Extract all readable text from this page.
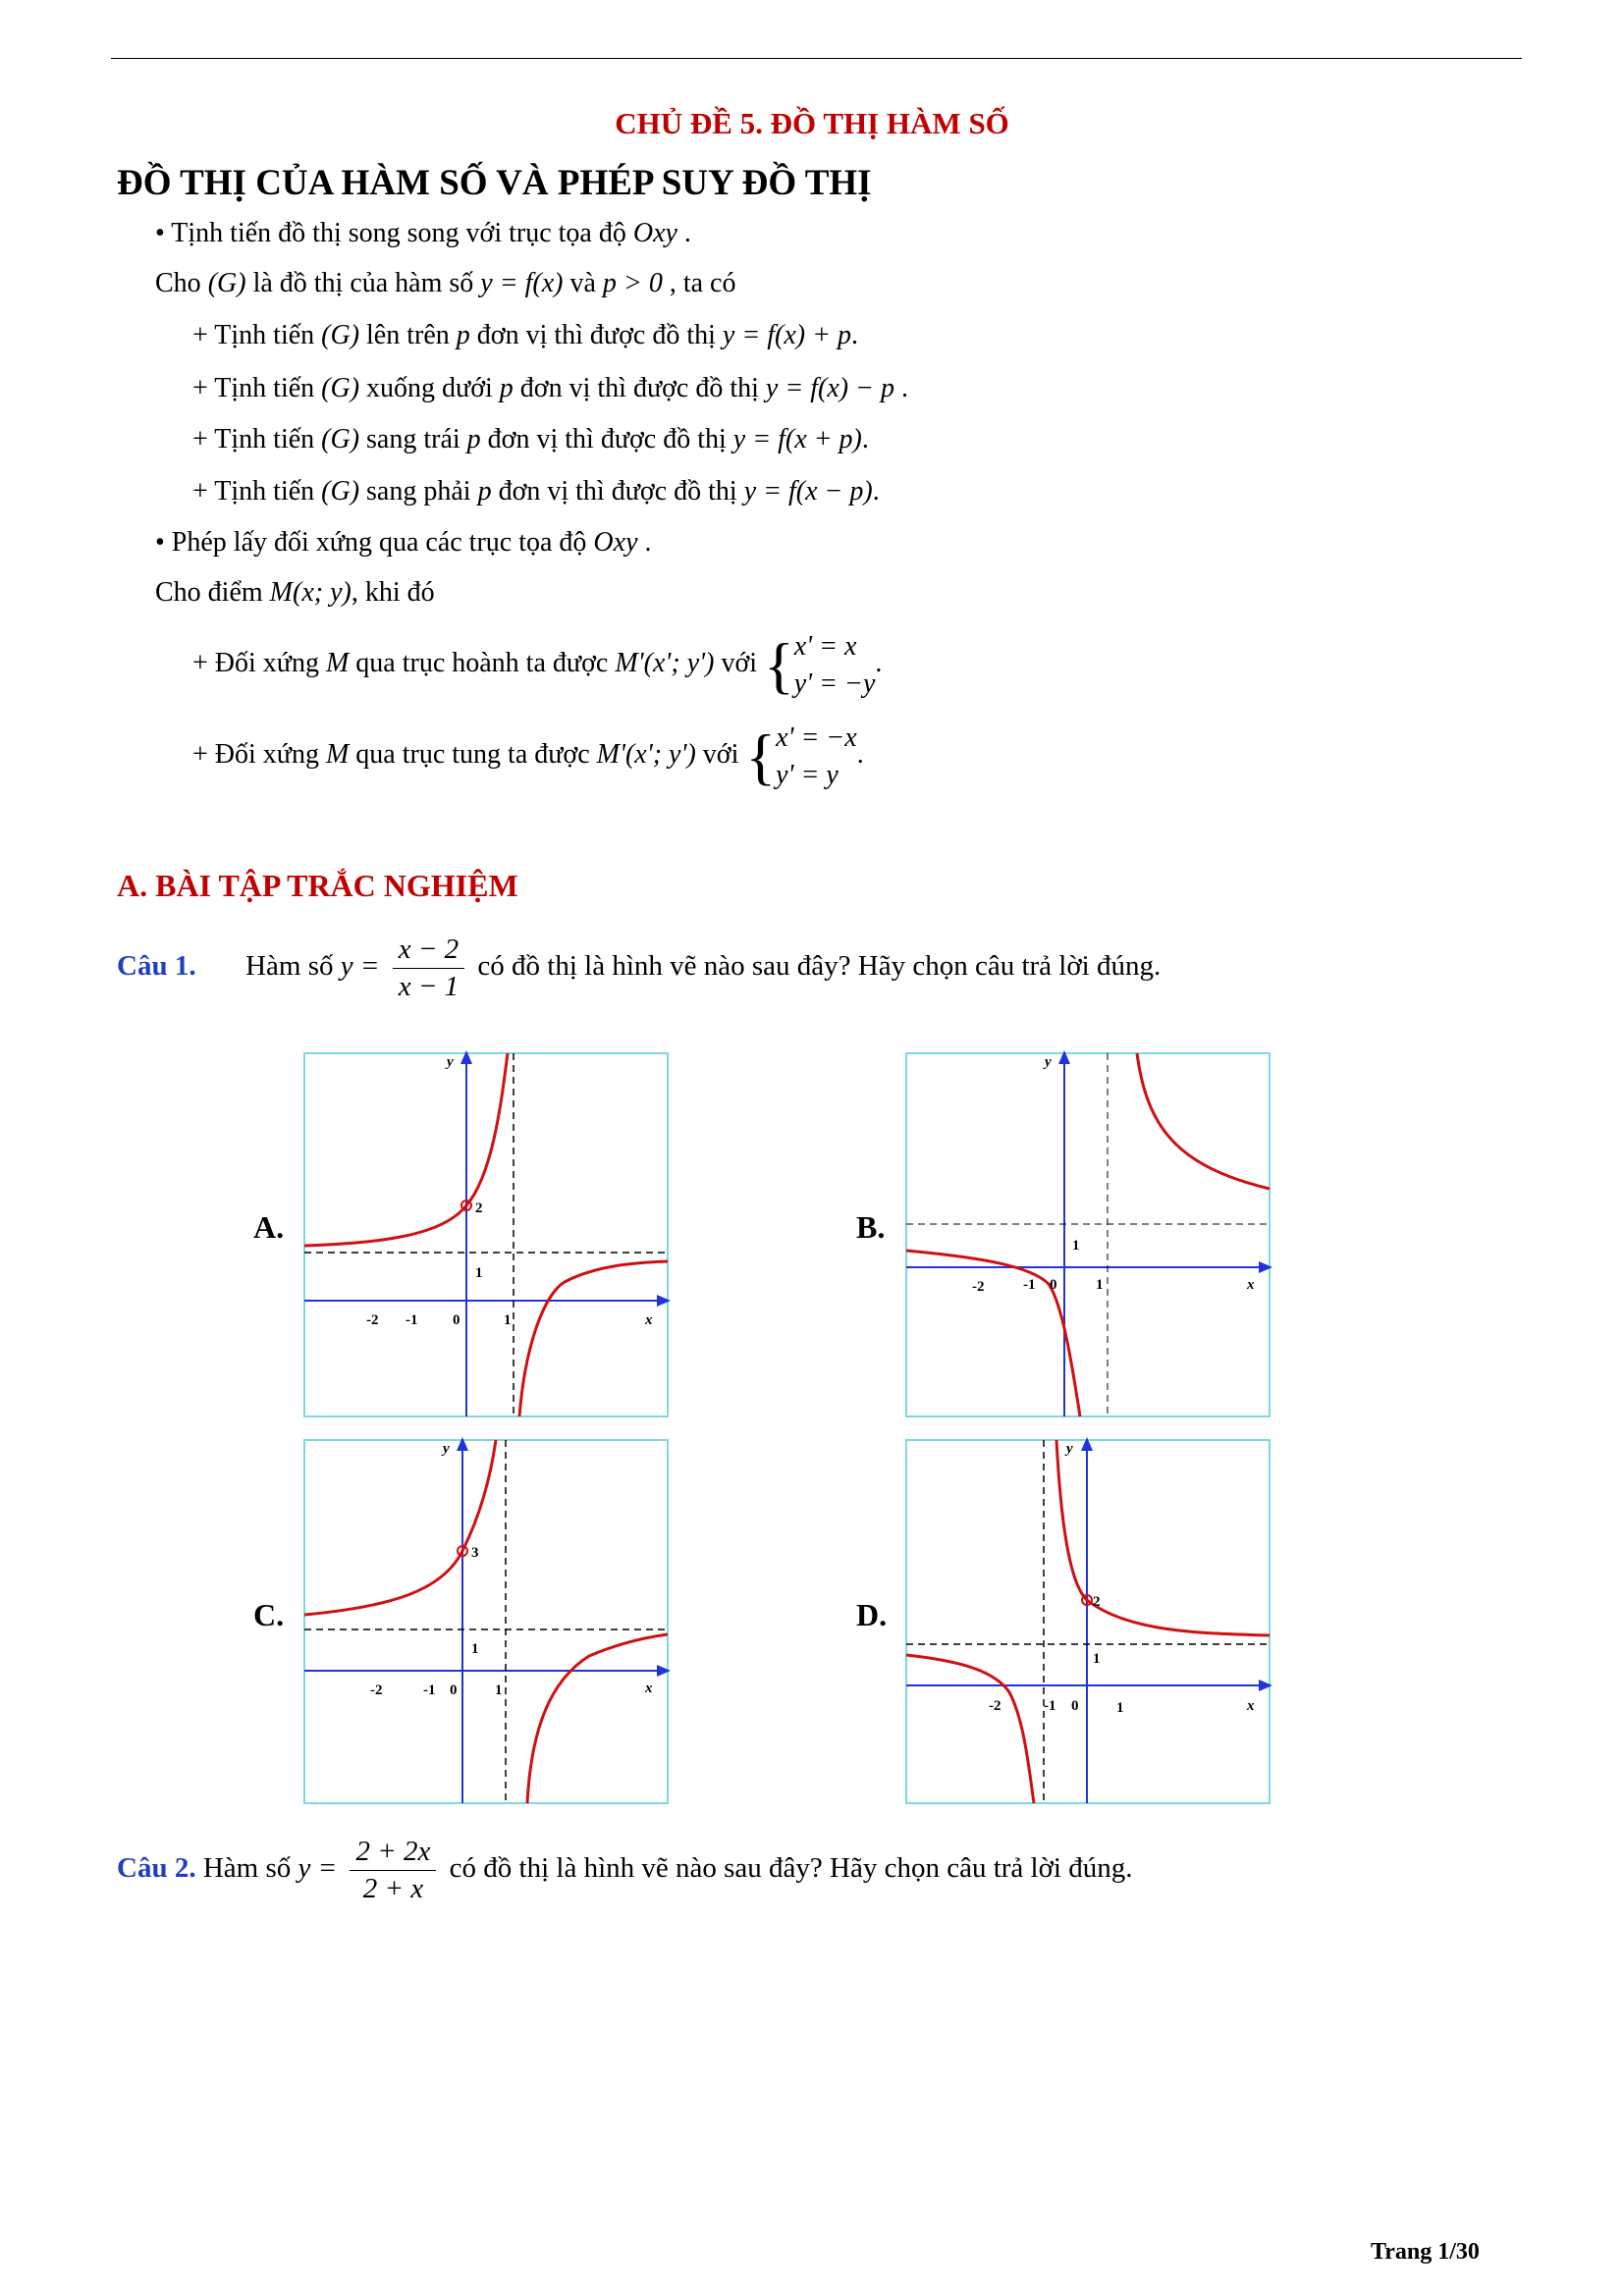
CHỦ ĐỀ 5. ĐỒ THỊ HÀM SỐ
ĐỒ THỊ CỦA HÀM SỐ VÀ PHÉP SUY ĐỒ THỊ
• Tịnh tiến đồ thị song song với trục tọa độ Oxy .
Cho (G) là đồ thị của hàm số y = f(x) và p > 0 , ta có
+ Tịnh tiến (G) lên trên p đơn vị thì được đồ thị y = f(x) + p.
+ Tịnh tiến (G) xuống dưới p đơn vị thì được đồ thị y = f(x) − p .
+ Tịnh tiến (G) sang trái p đơn vị thì được đồ thị y = f(x + p).
+ Tịnh tiến (G) sang phải p đơn vị thì được đồ thị y = f(x − p).
• Phép lấy đối xứng qua các trục tọa độ Oxy .
Cho điểm M(x; y), khi đó
+ Đối xứng M qua trục hoành ta được M'(x'; y') với { x' = x
y' = −y
.
+ Đối xứng M qua trục tung ta được M'(x'; y') với { x' = −x
y' = y
.
A. BÀI TẬP TRẮC NGHIỆM
Câu 1. Hàm số $y = \frac{x - 2}{x - 1}$ có đồ thị là hình vẽ nào sau đây? Hãy chọn câu trả lời đúng.
A.	B.
C.	D.
2
1
-2 -1 0	1	x
y
1
-2	-1 0	1	x
y
3
1
-2	-1 0	1	x
y
2
1
-2	-1 0	1	x
y
Câu 2. Hàm số $y = \frac{2 + 2x}{2 + x}$ có đồ thị là hình vẽ nào sau đây? Hãy chọn câu trả lời đúng.
Trang 1/30
